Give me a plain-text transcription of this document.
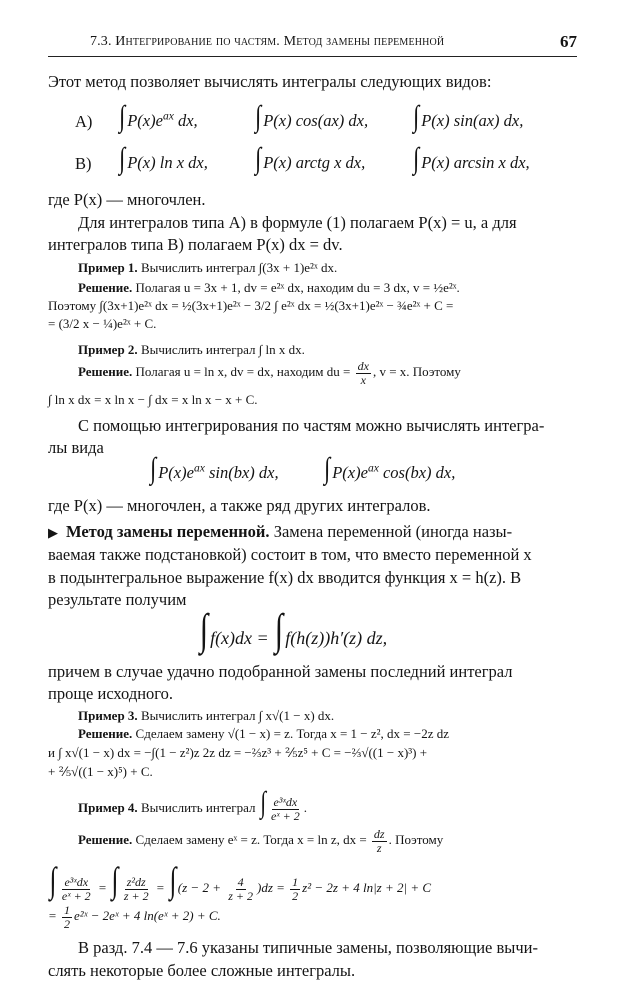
7.3. Интегрирование по частям. Метод замены переменной	67
Этот метод позволяет вычислять интегралы следующих видов:
A) ∫ $P(x)e^{ax}$ dx, ∫ P(x) cos(ax) dx, ∫ P(x) sin(ax) dx,
B) ∫ P(x) ln x dx, ∫ P(x) arctg x dx, ∫ P(x) arcsin x dx,
где P(x) — многочлен.
Для интегралов типа A) в формуле (1) полагаем P(x) = u, а для
интегралов типа B) полагаем P(x) dx = dv.
Пример 1. Вычислить интеграл ∫(3x + 1)e²ˣ dx.
Решение. Полагая u = 3x + 1, dv = e²ˣ dx, находим du = 3 dx, v = ½e²ˣ.
Поэтому ∫(3x+1)e²ˣ dx = ½(3x+1)e²ˣ − 3/2 ∫ e²ˣ dx = ½(3x+1)e²ˣ − ¾e²ˣ + C =
= (3/2 x − ¼)e²ˣ + C.
Пример 2. Вычислить интеграл ∫ ln x dx.
Решение. Полагая u = ln x, dv = dx, находим du = $\frac{dx}{x}$ , v = x. Поэтому
∫ ln x dx = x ln x − ∫ dx = x ln x − x + C.
С помощью интегрирования по частям можно вычислять интегра-
лы вида
∫ $P(x)e^{ax}$ sin(bx) dx, ∫ $P(x)e^{ax}$ cos(bx) dx,
где P(x) — многочлен, а также ряд других интегралов.
▶ Метод замены переменной. Замена переменной (иногда назы-
ваемая также подстановкой) состоит в том, что вместо переменной x
в подынтегральное выражение f(x) dx вводится функция x = h(z). В
результате получим
∫ f(x)dx = ∫ f(h(z))h′(z) dz,
причем в случае удачно подобранной замены последний интеграл
проще исходного.
Пример 3. Вычислить интеграл ∫ x√(1 − x) dx.
Решение. Сделаем замену √(1 − x) = z. Тогда x = 1 − z², dx = −2z dz
и ∫ x√(1 − x) dx = −∫(1 − z²)z 2z dz = −⅔z³ + ⅖z⁵ + C = −⅔√((1 − x)³) +
+ ⅖√((1 − x)⁵) + C.
Пример 4. Вычислить интеграл ∫ $\frac{\text{e³ˣdx}}{\text{eˣ + 2}}$ .
Решение. Сделаем замену eˣ = z. Тогда x = ln z, dx = $\frac{dz}{z}$ . Поэтому
∫ $\frac{\text{e³ˣdx}}{\text{eˣ + 2}}$ = ∫ $\frac{\text{z²dz}}{z + 2} = \int(z - 2 + \frac{4}{z + 2} )dz = \frac{1}{2} z^2 - 2z + 4$ ln|z + 2| + C
= $\frac{1}{2}$ e²ˣ − 2eˣ + 4 ln(eˣ + 2) + C.
В разд. 7.4 — 7.6 указаны типичные замены, позволяющие вычи-
слять некоторые более сложные интегралы.
